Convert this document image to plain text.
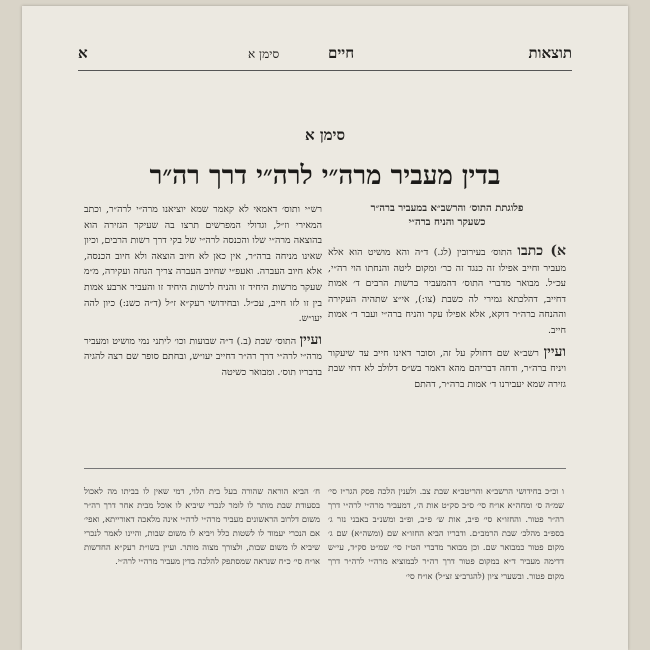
תוצאות
סימן א	חיים
א
סימן א
בדין מעביר מרה״י לרה״י דרך רה״ר
פלוגתת התוס׳ והרשב״א במעביר ברה״ר
כשעקר והניח ברה״י

א) כתבו התוס׳ בעירובין (לג.) ד״ה והא מושיט הוא אלא מעביר וחייב אפילו זה כנגד זה כר׳ ומקום ליטה והנחתו הוי רה״י, עכ״ל. מבואר מדברי התוס׳ דהמעביר ברשות הרבים ד׳ אמות דחייב, דהלכתא גמירי לה כשבת (צו:), אי״צ שתהיה העקירה וההנחה ברה״ר דוקא, אלא אפילו עקר והניח ברה״י ועבר ד׳ אמות חייב.

ועיין רשב״א שם דחולק על זה, וסובר דאינו חייב עד שיעקור ויניח ברה״ר, ודחה דבריהם מהא דאמר בש״ס דלולב לא דחי שבת גזירה שמא יעבירנו ד׳ אמות ברה״ר, דהתם

רש״י ותוס׳ דאמאי לא קאמר שמא יוציאנו מרה״י לרה״ר, וכתב המאירי וז״ל, וגדולי המפרשים תרצו בה שעיקר הגזירה הוא בהוצאה מרה״י שלו והכנסה לרה״י של בקי דרך רשות הרבים, וכיון שאינו מניחה ברה״ר, אין כאן לא חיוב הוצאה ולא חיוב הכנסה, אלא חיוב העברה. ואעפ״י שחיוב העברה צריך הנחה ועקירה, מ״מ שעקר מרשות היחיד זו והניח לרשות היחיד זו והעביר ארבע אמות בין זו לזו חייב, עכ״ל. ובחידושי רעק״א ז״ל (ד״ה כשנ:) כיון להה יעו״ש.

ועיין התוס׳ שבת (ב.) ד״ה שבועות וכו׳ ליתני נמי מושיט ומעביר מרה״י לרה״י דרך רה״ר דחייב יעו״ש, ובחתם סופר שם רצה להגיה בדבריו תוס׳. ומבואר כשיטה

ו וכ״כ בחידושי הרשב״א והריטב״א שבת צב. ולענין הלכה פסק הגר״ז סי׳ שמ״ה ס׳ ומחה״א או״ח סי׳ ס״ב סק״ט אות ה׳, דמעביר מרה״י לרה״י דרך רה״ר פטור. והחזו״א סי׳ פ״ב, אות ש׳ פ״ב, ופ״ב ומשנ״ב באבני נזר ג׳ בספ״ב מהלכ׳ שבת הרמב״ם. ודבריו הביא החזו״א שם (ומשה״א) שם ג׳ מקום פטור כמבואר שם. וכן מבואר מדברי הט״ז סי׳ שמ״ט סק״ד, עי״ש דדימה מעביר ד״א במקום פטור דרך רה״ר לבמוציא מרה״י לרה״ר דרך מקום פטור. ובשערי ציון (להגרב״צ זצ״ל) או״ח סי׳
ח׳ הביא הוראה שהורה בעל בית הלוי, דמי שאין לו בביתו מה לאכול בסעודת שבת מותר לו לומר לנכרי שיביא לו אוכל מבית אחר דרך רה״ר משום דלרוב הראשונים מעביר מרה״י לרה״י אינה מלאכה דאורייתא, ואפי׳ אם הנכרי יעמוד לו לשטות כלל ויביא לו משום שבות, והיינו לאמר לנכרי שיביא לו משום שבות, ולצורך מצוה מותר. ועיין בשו״ת רעק״א החדשות או״ח סי׳ כ״ח שנראה שמסתפק להלכה בדין מעביר מרה״י לרה״י.
